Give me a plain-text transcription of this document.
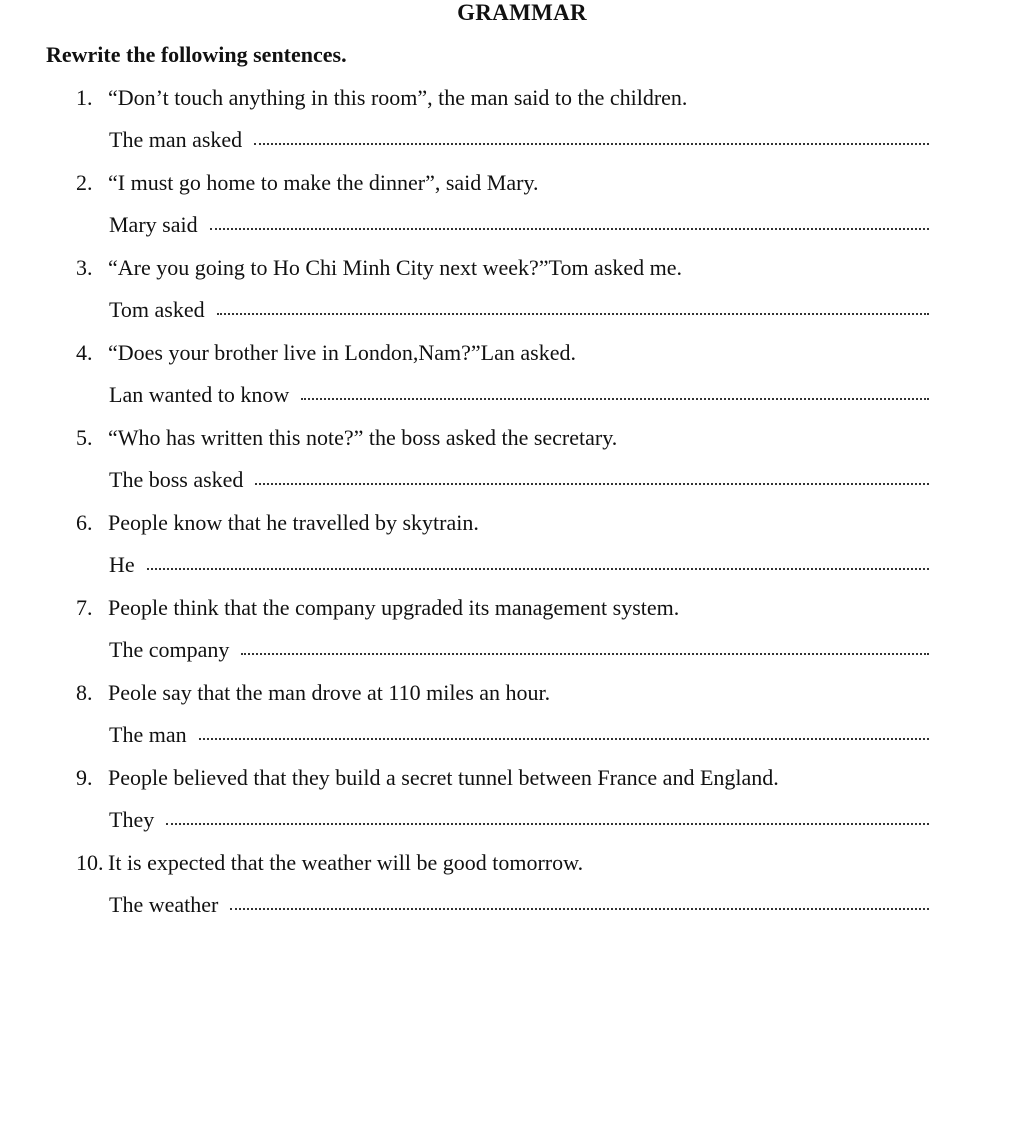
GRAMMAR
Rewrite the following sentences.
1. “Don’t touch anything in this room”, the man said to the children.
The man asked
2. “I must go home to make the dinner”, said Mary.
Mary said
3. “Are you going to Ho Chi Minh City next week?”Tom asked me.
Tom asked
4. “Does your brother live in London,Nam?”Lan asked.
Lan wanted to know
5. “Who has written this note?” the boss asked the secretary.
The boss asked
6. People know that he travelled by skytrain.
He
7. People think that the company upgraded its management system.
The company
8. Peole say that the man drove at 110 miles an hour.
The man
9. People believed that they build a secret tunnel between France and England.
They
10. It is expected that the weather will be good tomorrow.
The weather
